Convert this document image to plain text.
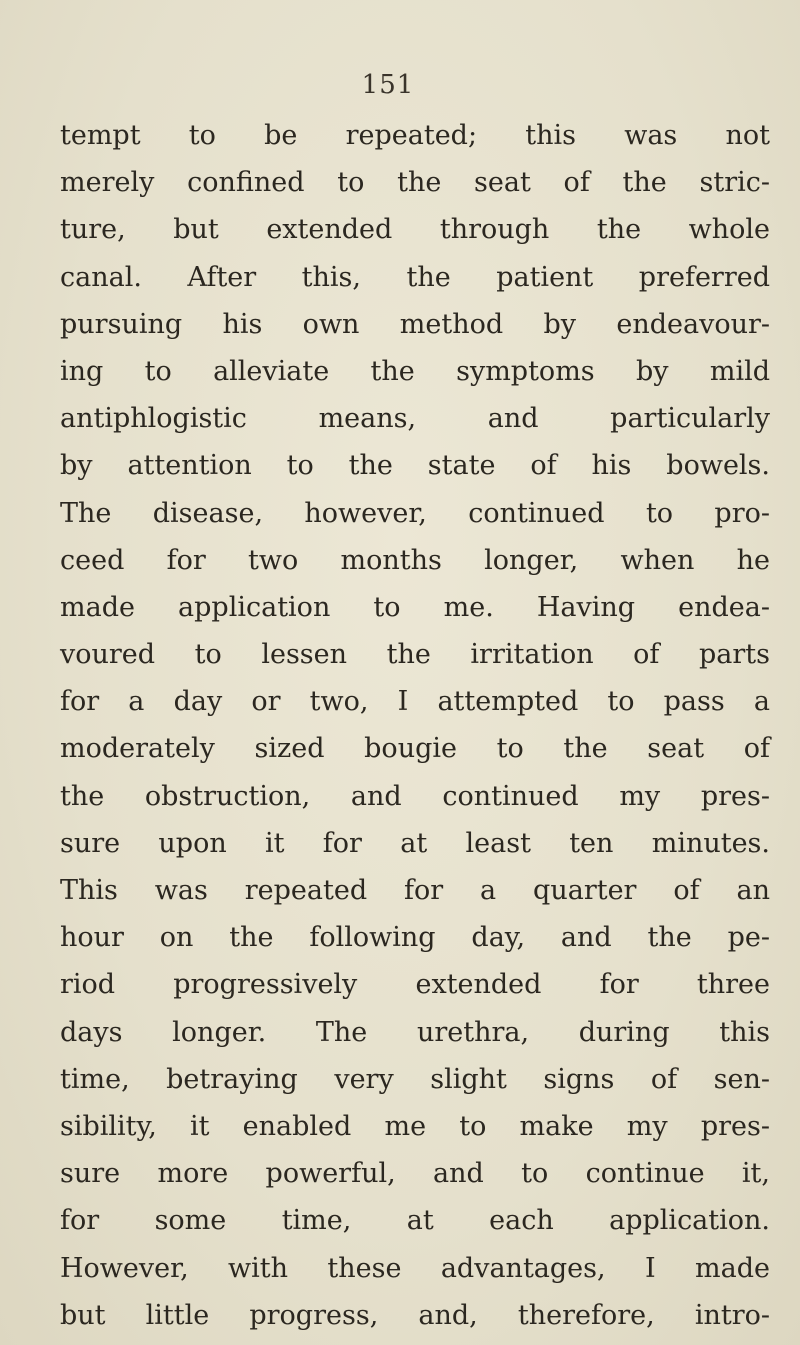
151
tempt to be repeated; this was not
merely confined to the seat of the stric-
ture, but extended through the whole
canal. After this, the patient preferred
pursuing his own method by endeavour-
ing to alleviate the symptoms by mild
antiphlogistic means, and particularly
by attention to the state of his bowels.
The disease, however, continued to pro-
ceed for two months longer, when he
made application to me. Having endea-
voured to lessen the irritation of parts
for a day or two, I attempted to pass a
moderately sized bougie to the seat of
the obstruction, and continued my pres-
sure upon it for at least ten minutes.
This was repeated for a quarter of an
hour on the following day, and the pe-
riod progressively extended for three
days longer. The urethra, during this
time, betraying very slight signs of sen-
sibility, it enabled me to make my pres-
sure more powerful, and to continue it,
for some time, at each application.
However, with these advantages, I made
but little progress, and, therefore, intro-
